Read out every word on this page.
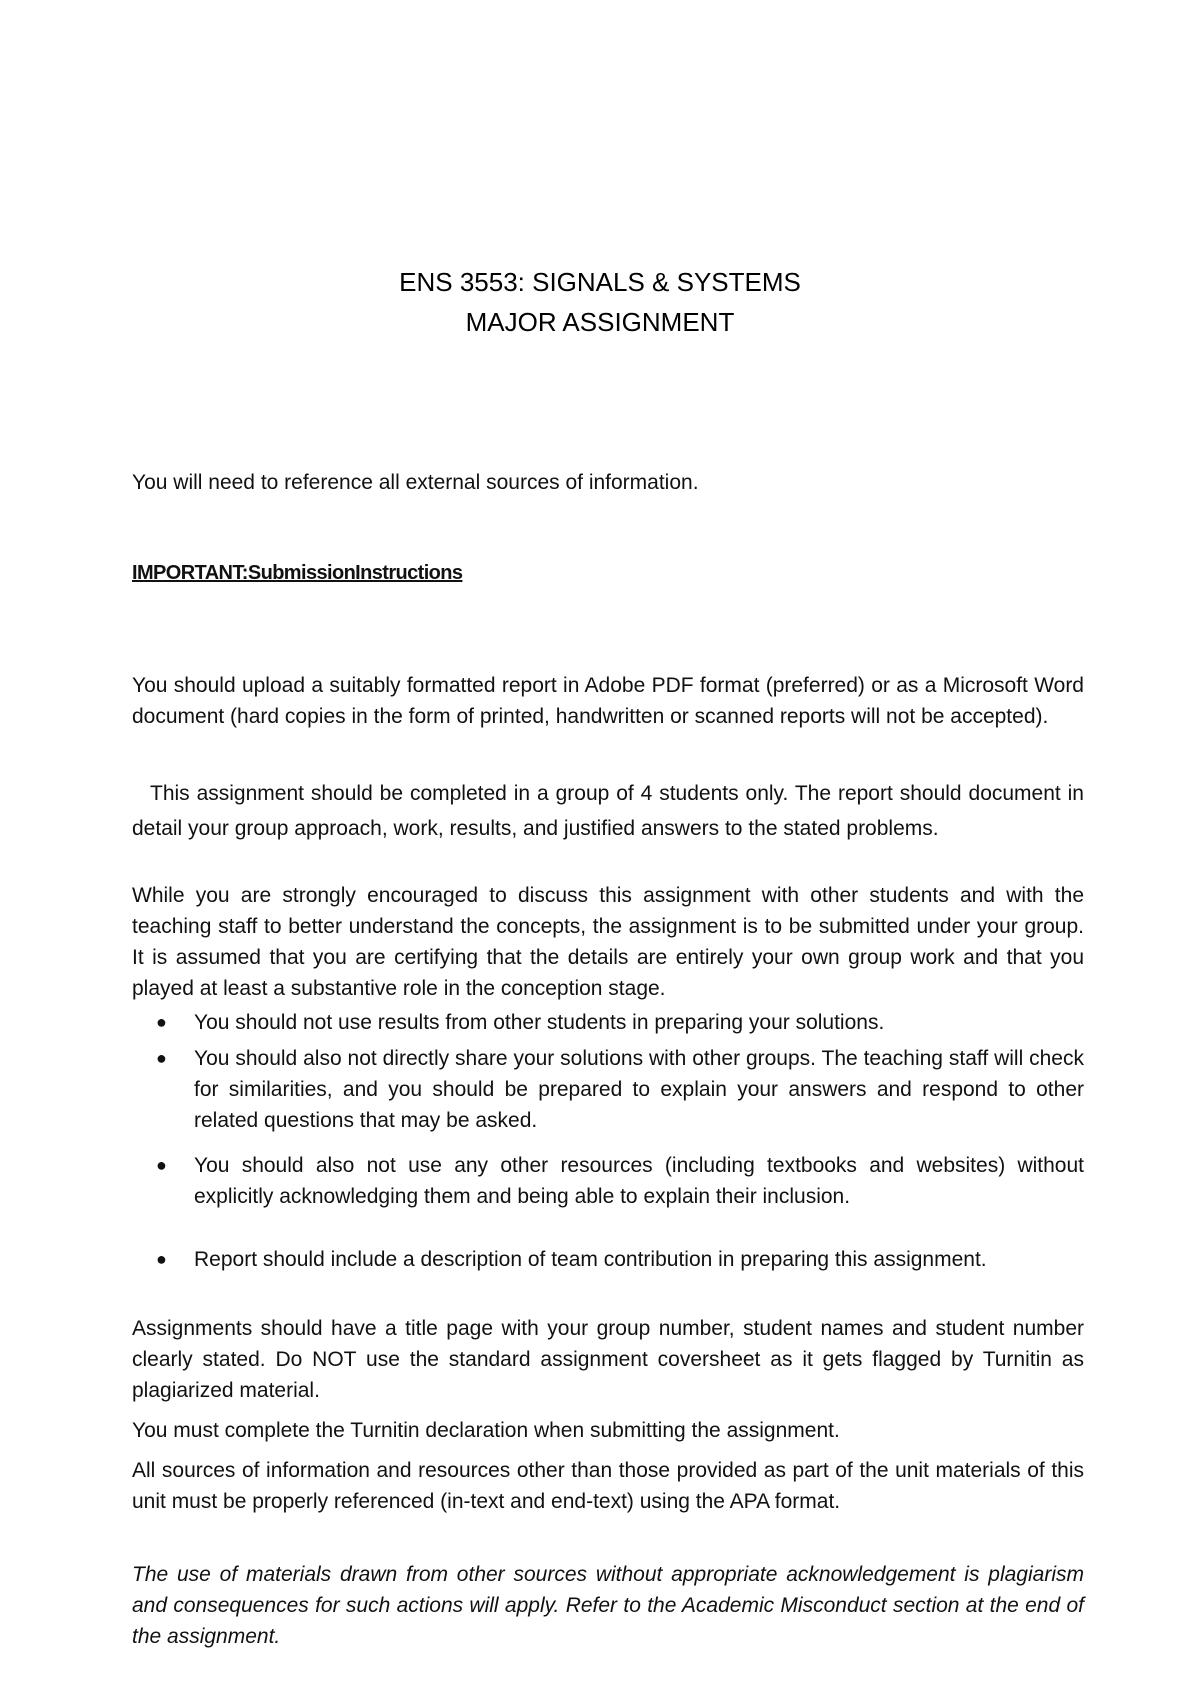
ENS 3553: SIGNALS & SYSTEMS
MAJOR ASSIGNMENT
You will need to reference all external sources of information.
IMPORTANT:SubmissionInstructions
You should upload a suitably formatted report in Adobe PDF format (preferred) or as a Microsoft Word document (hard copies in the form of printed, handwritten or scanned reports will not be accepted).
This assignment should be completed in a group of 4 students only. The report should document in detail your group approach, work, results, and justified answers to the stated problems.
While you are strongly encouraged to discuss this assignment with other students and with the teaching staff to better understand the concepts, the assignment is to be submitted under your group. It is assumed that you are certifying that the details are entirely your own group work and that you played at least a substantive role in the conception stage.
●	You should not use results from other students in preparing your solutions.
●	You should also not directly share your solutions with other groups. The teaching staff will check for similarities, and you should be prepared to explain your answers and respond to other related questions that may be asked.
●	You should also not use any other resources (including textbooks and websites) without explicitly acknowledging them and being able to explain their inclusion.
●	Report should include a description of team contribution in preparing this assignment.
Assignments should have a title page with your group number, student names and student number clearly stated. Do NOT use the standard assignment coversheet as it gets flagged by Turnitin as plagiarized material.
You must complete the Turnitin declaration when submitting the assignment.
All sources of information and resources other than those provided as part of the unit materials of this unit must be properly referenced (in-text and end-text) using the APA format.
The use of materials drawn from other sources without appropriate acknowledgement is plagiarism and consequences for such actions will apply. Refer to the Academic Misconduct section at the end of the assignment.
